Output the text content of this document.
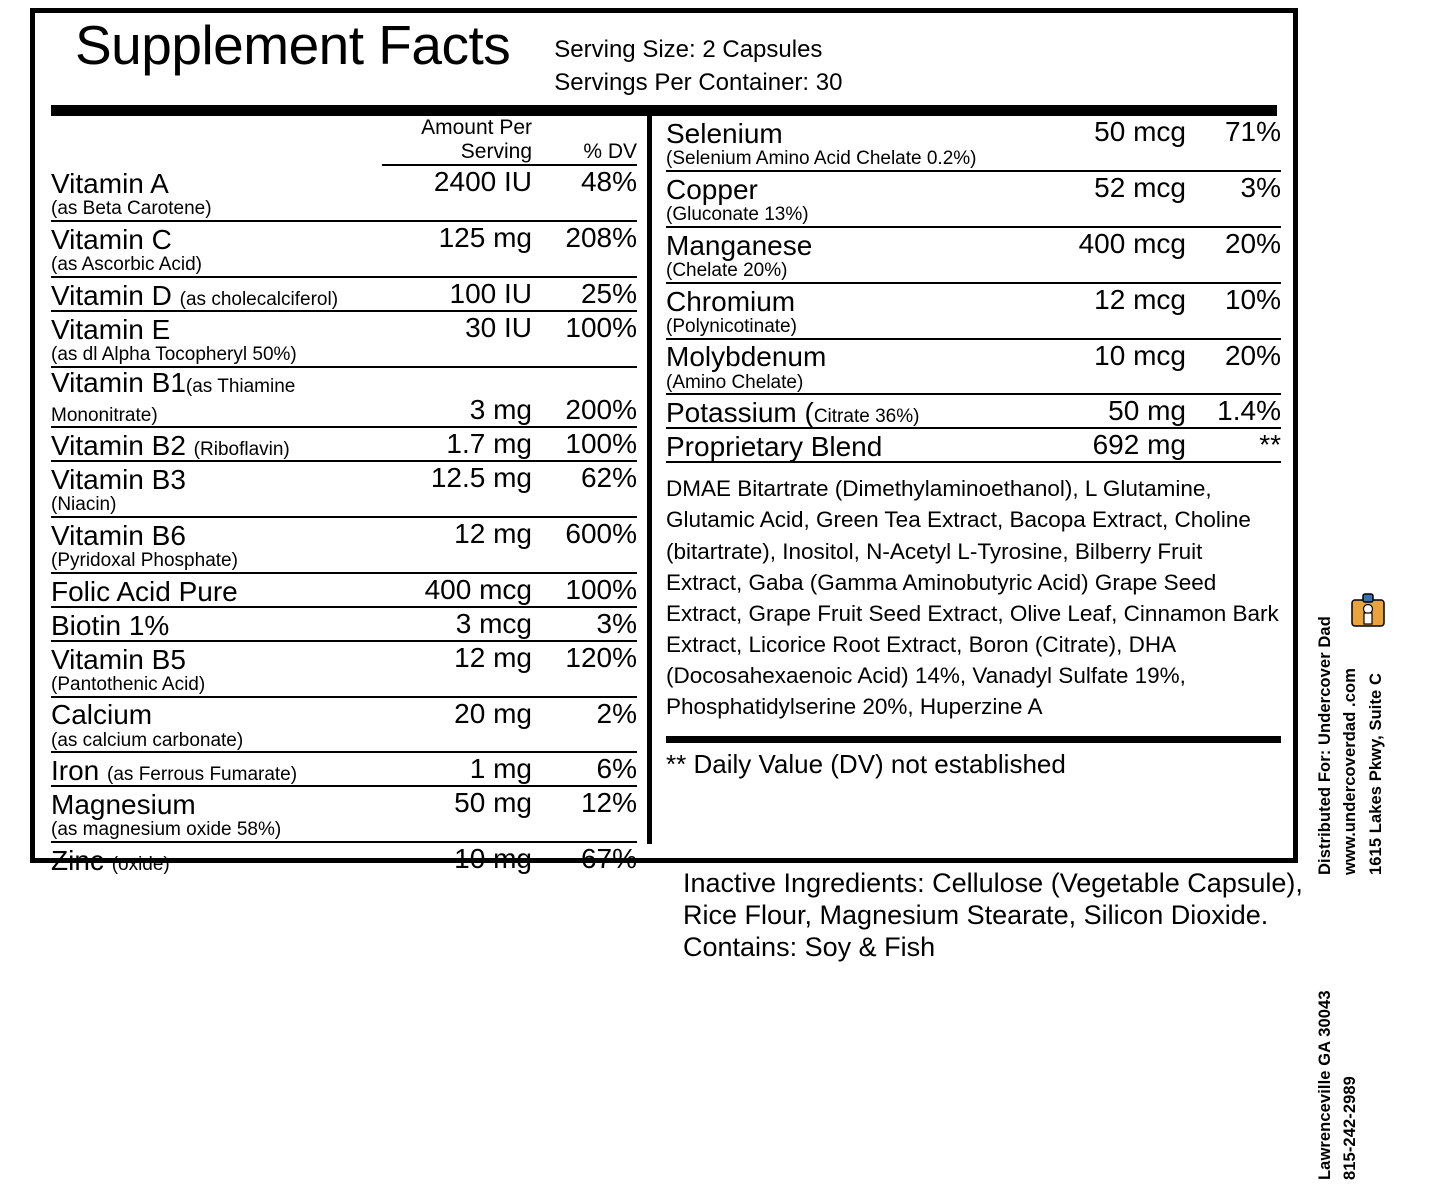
Supplement Facts Serving Size: 2 Capsules
Servings Per Container: 30
	Amount Per Serving	% DV
Vitamin A	2400 IU	48%
(as Beta Carotene)		
Vitamin C	125 mg	208%
(as Ascorbic Acid)		
Vitamin D (as cholecalciferol)	100 IU	25%
Vitamin E	30 IU	100%
(as dl Alpha Tocopheryl 50%)		
Vitamin B1(as Thiamine Mononitrate)	3 mg	200%
Vitamin B2 (Riboflavin)	1.7 mg	100%
Vitamin B3	12.5 mg	62%
(Niacin)		
Vitamin B6	12 mg	600%
(Pyridoxal Phosphate)		
Folic Acid Pure	400 mcg	100%
Biotin 1%	3 mcg	3%
Vitamin B5	12 mg	120%
(Pantothenic Acid)		
Calcium	20 mg	2%
(as calcium carbonate)		
Iron (as Ferrous Fumarate)	1 mg	6%
Magnesium	50 mg	12%
(as magnesium oxide 58%)		
Zinc (oxide)	10 mg	67%
Selenium	50 mcg	71%
(Selenium Amino Acid Chelate 0.2%)		
Copper	52 mcg	3%
(Gluconate 13%)		
Manganese	400 mcg	20%
(Chelate 20%)		
Chromium	12 mcg	10%
(Polynicotinate)		
Molybdenum	10 mcg	20%
(Amino Chelate)		
Potassium (Citrate 36%)	50 mg	1.4%
Proprietary Blend	692 mg	**
DMAE Bitartrate (Dimethylaminoethanol), L Glutamine, Glutamic Acid, Green Tea Extract, Bacopa Extract, Choline (bitartrate), Inositol, N-Acetyl L-Tyrosine, Bilberry Fruit Extract, Gaba (Gamma Aminobutyric Acid) Grape Seed Extract, Grape Fruit Seed Extract, Olive Leaf, Cinnamon Bark Extract, Licorice Root Extract, Boron (Citrate), DHA (Docosahexaenoic Acid) 14%, Vanadyl Sulfate 19%, Phosphatidylserine 20%, Huperzine A
** Daily Value (DV) not established
Inactive Ingredients: Cellulose (Vegetable Capsule),
Rice Flour, Magnesium Stearate, Silicon Dioxide.
Contains: Soy & Fish
Distributed For: Undercover Dad www.undercoverdad .com 1615 Lakes Pkwy, Suite C Lawrenceville GA 30043 815-242-2989
